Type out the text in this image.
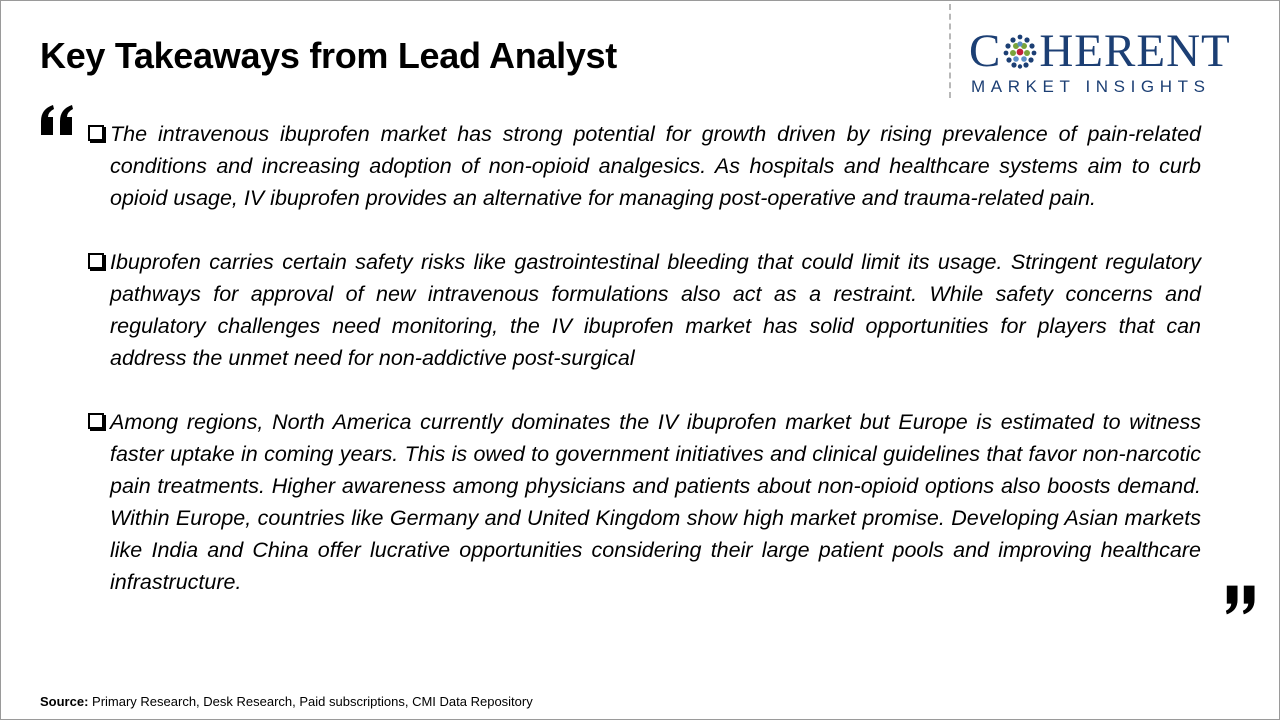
Key Takeaways from Lead Analyst	C HERENT
MARKET INSIGHTS
The intravenous ibuprofen market has strong potential for growth driven by rising prevalence of pain-related conditions and increasing adoption of non-opioid analgesics. As hospitals and healthcare systems aim to curb opioid usage, IV ibuprofen provides an alternative for managing post-operative and trauma-related pain.
Ibuprofen carries certain safety risks like gastrointestinal bleeding that could limit its usage. Stringent regulatory pathways for approval of new intravenous formulations also act as a restraint. While safety concerns and regulatory challenges need monitoring, the IV ibuprofen market has solid opportunities for players that can address the unmet need for non-addictive post-surgical
Among regions, North America currently dominates the IV ibuprofen market but Europe is estimated to witness faster uptake in coming years. This is owed to government initiatives and clinical guidelines that favor non-narcotic pain treatments. Higher awareness among physicians and patients about non-opioid options also boosts demand. Within Europe, countries like Germany and United Kingdom show high market promise. Developing Asian markets like India and China offer lucrative opportunities considering their large patient pools and improving healthcare infrastructure.
Source: Primary Research, Desk Research, Paid subscriptions, CMI Data Repository
